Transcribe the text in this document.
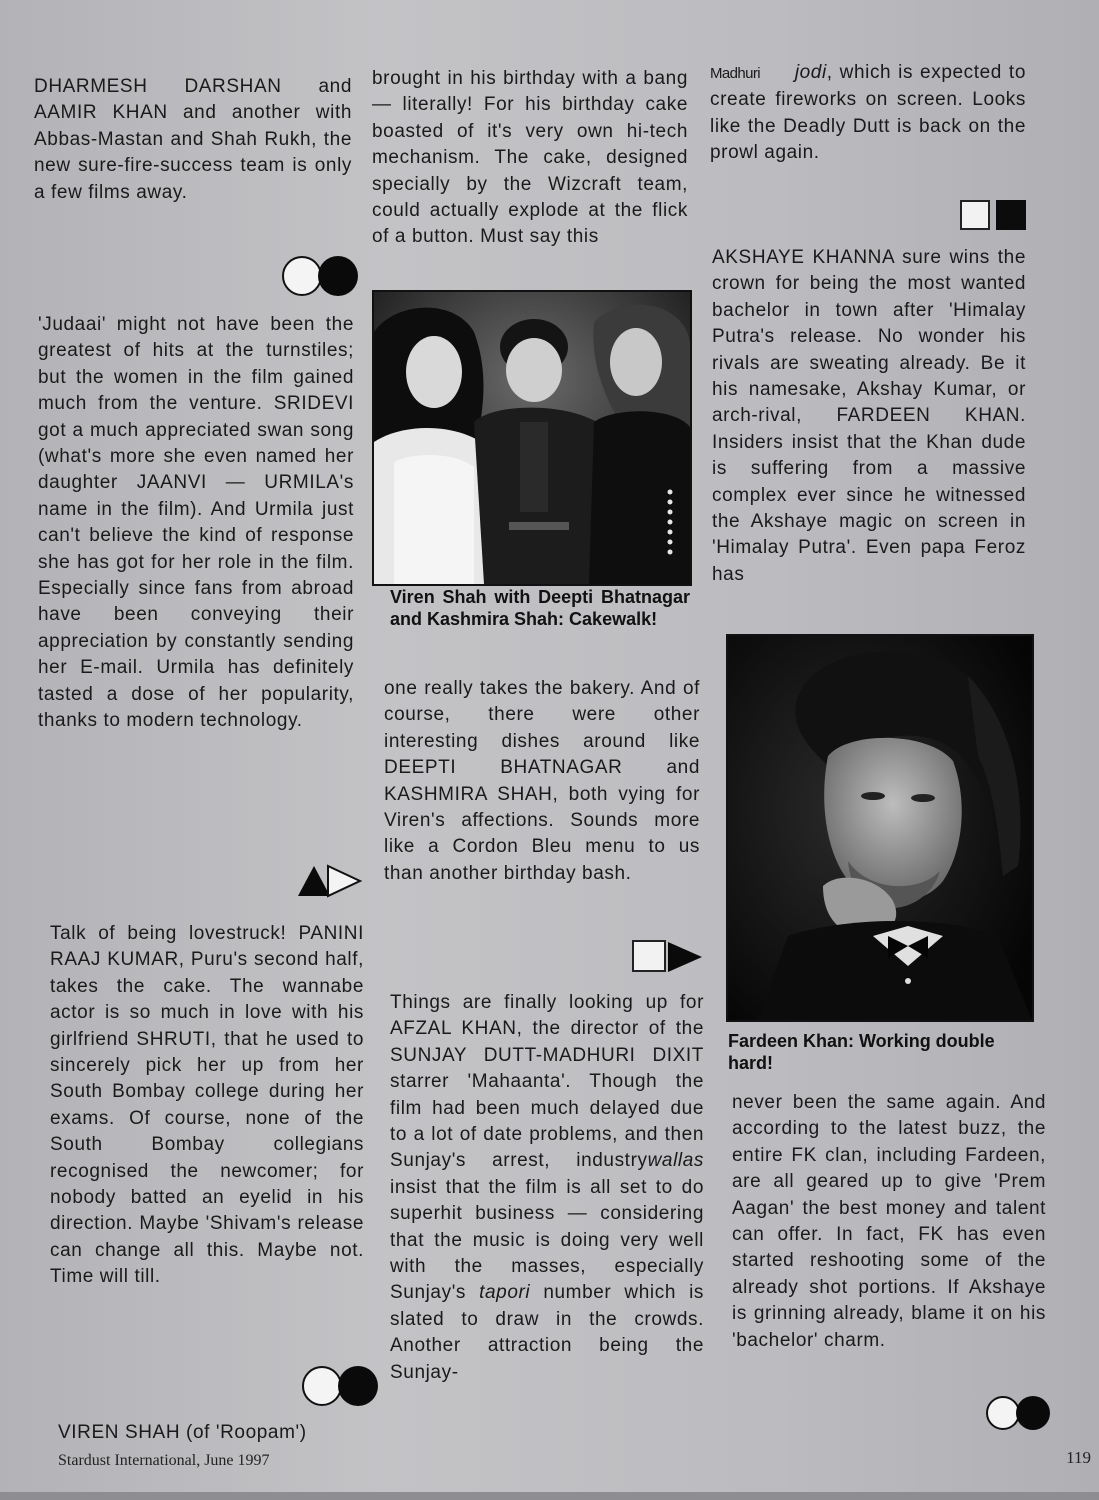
DHARMESH DARSHAN and AAMIR KHAN and another with Abbas-Mastan and Shah Rukh, the new sure-fire-success team is only a few films away.

'Judaai' might not have been the greatest of hits at the turnstiles; but the women in the film gained much from the venture. SRIDEVI got a much appreciated swan song (what's more she even named her daughter JAANVI — URMILA's name in the film). And Urmila just can't believe the kind of response she has got for her role in the film. Especially since fans from abroad have been conveying their appreciation by constantly sending her E-mail. Urmila has definitely tasted a dose of her popularity, thanks to modern technology.

Talk of being lovestruck! PANINI RAAJ KUMAR, Puru's second half, takes the cake. The wannabe actor is so much in love with his girlfriend SHRUTI, that he used to sincerely pick her up from her South Bombay college during her exams. Of course, none of the South Bombay collegians recognised the newcomer; for nobody batted an eyelid in his direction. Maybe 'Shivam's release can change all this. Maybe not. Time will till.

VIREN SHAH (of 'Roopam')

brought in his birthday with a bang — literally! For his birthday cake boasted of it's very own hi-tech mechanism. The cake, designed specially by the Wizcraft team, could actually explode at the flick of a button. Must say this

Viren Shah with Deepti Bhatnagar and Kashmira Shah: Cakewalk!

one really takes the bakery. And of course, there were other interesting dishes around like DEEPTI BHATNAGAR and KASHMIRA SHAH, both vying for Viren's affections. Sounds more like a Cordon Bleu menu to us than another birthday bash.

Things are finally looking up for AFZAL KHAN, the director of the SUNJAY DUTT-MADHURI DIXIT starrer 'Mahaanta'. Though the film had been much delayed due to a lot of date problems, and then Sunjay's arrest, industrywallas insist that the film is all set to do superhit business — considering that the music is doing very well with the masses, especially Sunjay's tapori number which is slated to draw in the crowds. Another attraction being the Sunjay-

Madhuri jodi, which is expected to create fireworks on screen. Looks like the Deadly Dutt is back on the prowl again.

AKSHAYE KHANNA sure wins the crown for being the most wanted bachelor in town after 'Himalay Putra's release. No wonder his rivals are sweating already. Be it his namesake, Akshay Kumar, or arch-rival, FARDEEN KHAN. Insiders insist that the Khan dude is suffering from a massive complex ever since he witnessed the Akshaye magic on screen in 'Himalay Putra'. Even papa Feroz has

Fardeen Khan: Working double hard!

never been the same again. And according to the latest buzz, the entire FK clan, including Fardeen, are all geared up to give 'Prem Aagan' the best money and talent can offer. In fact, FK has even started reshooting some of the already shot portions. If Akshaye is grinning already, blame it on his 'bachelor' charm.

Stardust International, June 1997	119
